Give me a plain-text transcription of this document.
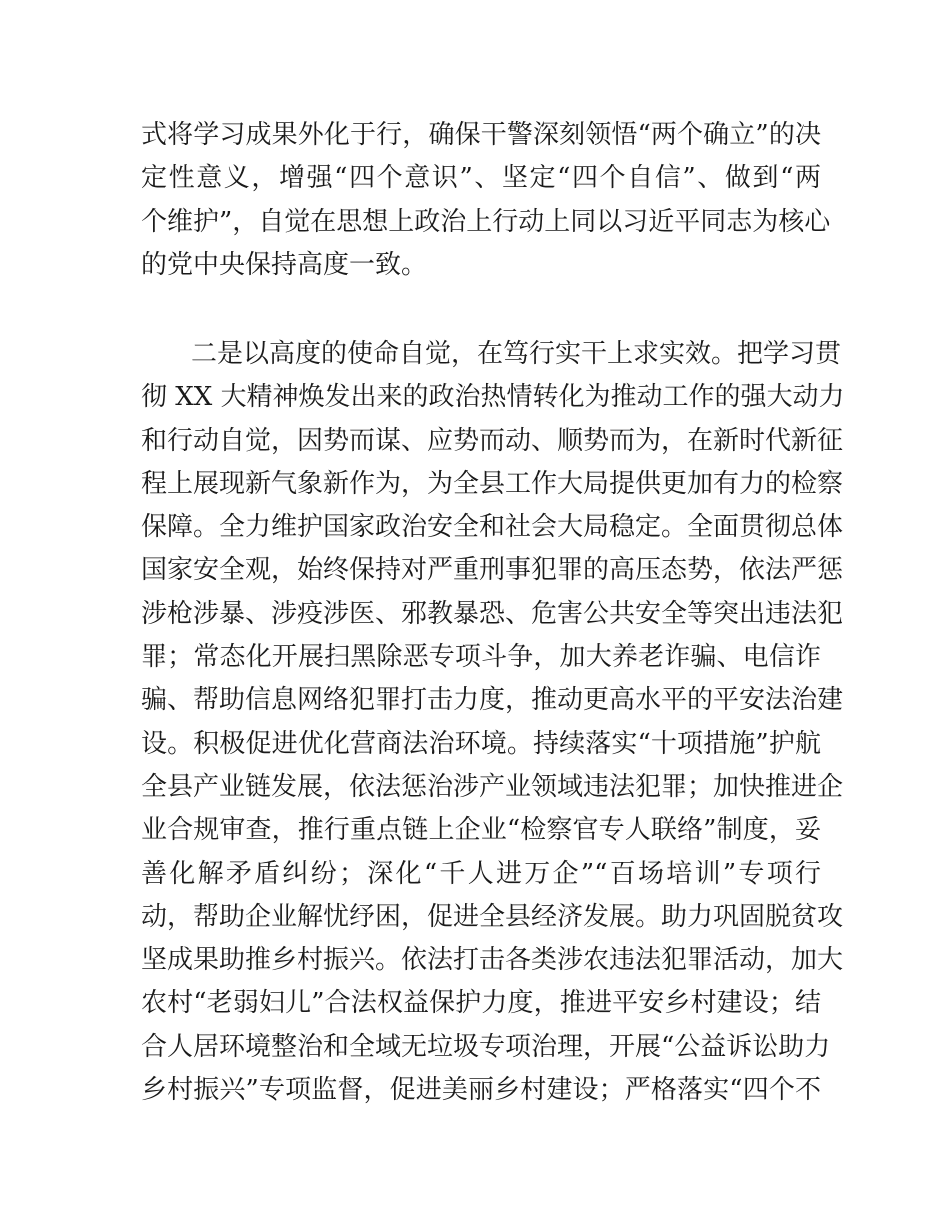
式将学习成果外化于行，确保干警深刻领悟“两个确立”的决
定性意义，增强“四个意识”、坚定“四个自信”、做到“两
个维护”，自觉在思想上政治上行动上同以习近平同志为核心
的党中央保持高度一致。
二是以高度的使命自觉，在笃行实干上求实效。把学习贯
彻 XX 大精神焕发出来的政治热情转化为推动工作的强大动力
和行动自觉，因势而谋、应势而动、顺势而为，在新时代新征
程上展现新气象新作为，为全县工作大局提供更加有力的检察
保障。全力维护国家政治安全和社会大局稳定。全面贯彻总体
国家安全观，始终保持对严重刑事犯罪的高压态势，依法严惩
涉枪涉暴、涉疫涉医、邪教暴恐、危害公共安全等突出违法犯
罪；常态化开展扫黑除恶专项斗争，加大养老诈骗、电信诈
骗、帮助信息网络犯罪打击力度，推动更高水平的平安法治建
设。积极促进优化营商法治环境。持续落实“十项措施”护航
全县产业链发展，依法惩治涉产业领域违法犯罪；加快推进企
业合规审查，推行重点链上企业“检察官专人联络”制度，妥
善化解矛盾纠纷；深化“千人进万企”“百场培训”专项行
动，帮助企业解忧纾困，促进全县经济发展。助力巩固脱贫攻
坚成果助推乡村振兴。依法打击各类涉农违法犯罪活动，加大
农村“老弱妇儿”合法权益保护力度，推进平安乡村建设；结
合人居环境整治和全域无垃圾专项治理，开展“公益诉讼助力
乡村振兴”专项监督，促进美丽乡村建设；严格落实“四个不
